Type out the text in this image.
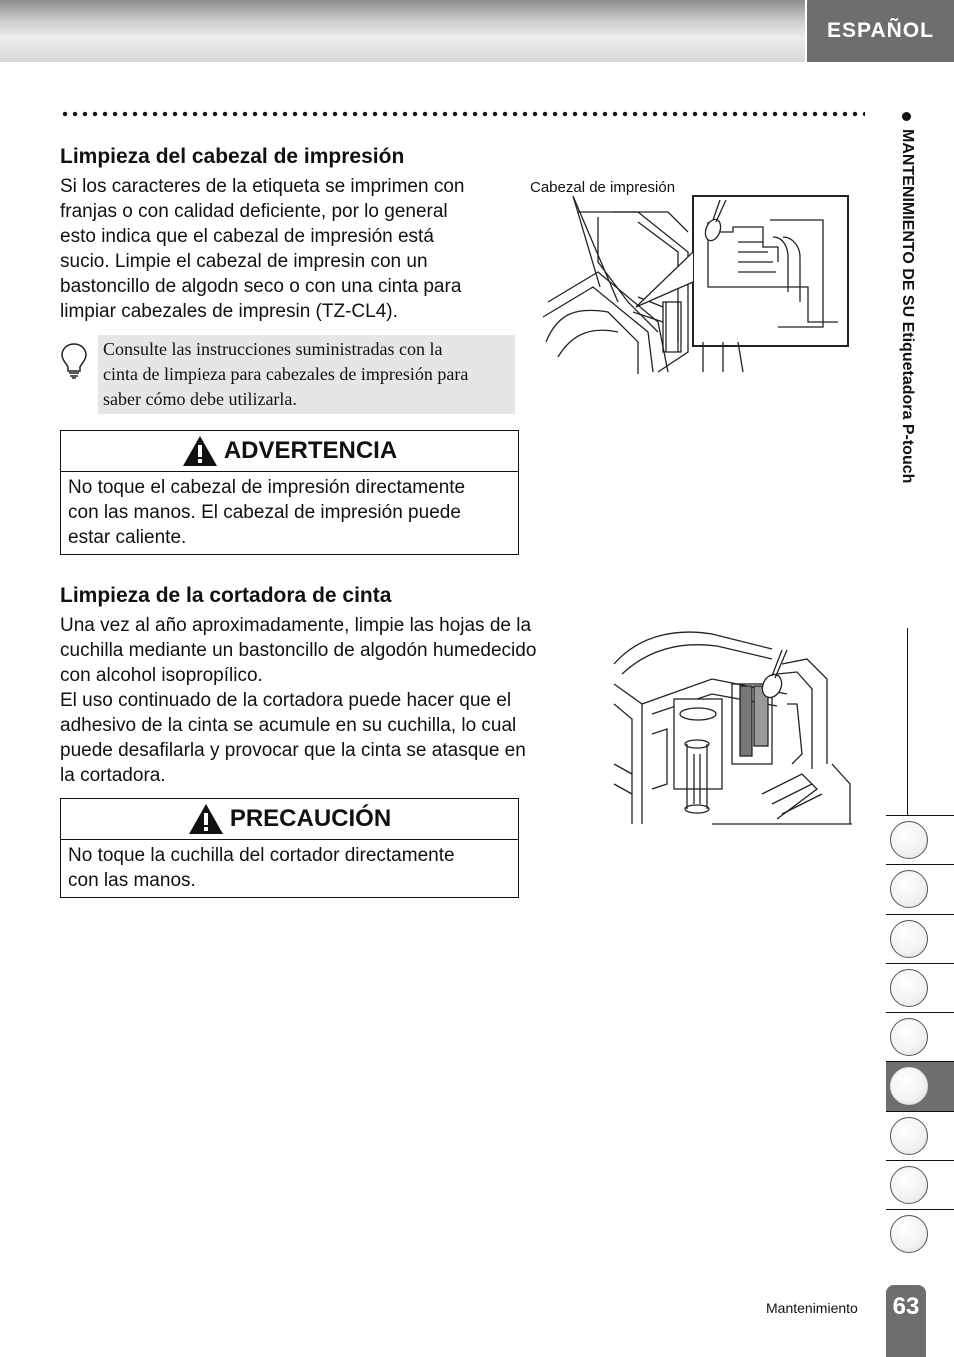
ESPAÑOL
Limpieza del cabezal de impresión
Si los caracteres de la etiqueta se imprimen con
franjas o con calidad deficiente, por lo general
esto indica que el cabezal de impresión está
sucio. Limpie el cabezal de impresin con un
bastoncillo de algodn seco o con una cinta para
limpiar cabezales de impresin (TZ-CL4).
Consulte las instrucciones suministradas con la
cinta de limpieza para cabezales de impresión para
saber cómo debe utilizarla.
Cabezal de impresión
ADVERTENCIA
No toque el cabezal de impresión directamente
con las manos. El cabezal de impresión puede
estar caliente.
Limpieza de la cortadora de cinta
Una vez al año aproximadamente, limpie las hojas de la
cuchilla mediante un bastoncillo de algodón humedecido
con alcohol isopropílico.
El uso continuado de la cortadora puede hacer que el
adhesivo de la cinta se acumule en su cuchilla, lo cual
puede desafilarla y provocar que la cinta se atasque en
la cortadora.
PRECAUCIÓN
No toque la cuchilla del cortador directamente
con las manos.
MANTENIMIENTO DE SU Etiquetadora P-touch
Mantenimiento 63
